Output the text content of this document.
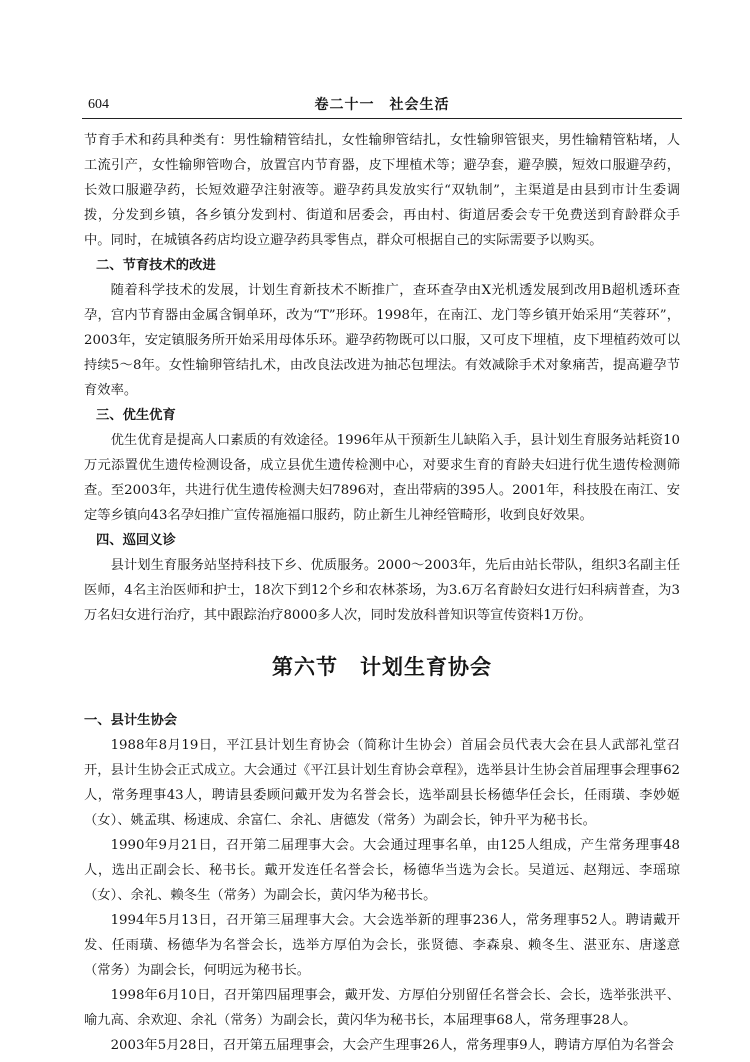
604	卷二十一　社会生活

节育手术和药具种类有：男性输精管结扎，女性输卵管结扎，女性输卵管银夹，男性输精管粘堵，人工流引产，女性输卵管吻合，放置宫内节育器，皮下埋植术等；避孕套，避孕膜，短效口服避孕药，长效口服避孕药，长短效避孕注射液等。避孕药具发放实行“双轨制”，主渠道是由县到市计生委调拨，分发到乡镇，各乡镇分发到村、街道和居委会，再由村、街道居委会专干免费送到育龄群众手中。同时，在城镇各药店均设立避孕药具零售点，群众可根据自己的实际需要予以购买。

二、节育技术的改进

随着科学技术的发展，计划生育新技术不断推广，查环查孕由X光机透发展到改用B超机透环查孕，宫内节育器由金属含铜单环，改为“T”形环。1998年，在南江、龙门等乡镇开始采用“芙蓉环”，2003年，安定镇服务所开始采用母体乐环。避孕药物既可以口服，又可皮下埋植，皮下埋植药效可以持续5～8年。女性输卵管结扎术，由改良法改进为抽芯包埋法。有效减除手术对象痛苦，提高避孕节育效率。

三、优生优育

优生优育是提高人口素质的有效途径。1996年从干预新生儿缺陷入手，县计划生育服务站耗资10万元添置优生遗传检测设备，成立县优生遗传检测中心，对要求生育的育龄夫妇进行优生遗传检测筛查。至2003年，共进行优生遗传检测夫妇7896对，查出带病的395人。2001年，科技股在南江、安定等乡镇向43名孕妇推广宣传福施福口服药，防止新生儿神经管畸形，收到良好效果。

四、巡回义诊

县计划生育服务站坚持科技下乡、优质服务。2000～2003年，先后由站长带队，组织3名副主任医师，4名主治医师和护士，18次下到12个乡和农林茶场，为3.6万名育龄妇女进行妇科病普查，为3万名妇女进行治疗，其中跟踪治疗8000多人次，同时发放科普知识等宣传资料1万份。

第六节 计划生育协会
一、县计生协会

1988年8月19日，平江县计划生育协会（简称计生协会）首届会员代表大会在县人武部礼堂召开，县计生协会正式成立。大会通过《平江县计划生育协会章程》，选举县计生协会首届理事会理事62人，常务理事43人，聘请县委顾问戴开发为名誉会长，选举副县长杨德华任会长，任雨璜、李妙姬（女）、姚孟琪、杨速成、余富仁、余礼、唐德发（常务）为副会长，钟升平为秘书长。

1990年9月21日，召开第二届理事大会。大会通过理事名单，由125人组成，产生常务理事48人，选出正副会长、秘书长。戴开发连任名誉会长，杨德华当选为会长。吴道远、赵翔远、李瑶琼（女）、余礼、赖冬生（常务）为副会长，黄闪华为秘书长。

1994年5月13日，召开第三届理事大会。大会选举新的理事236人，常务理事52人。聘请戴开发、任雨璜、杨德华为名誉会长，选举方厚伯为会长，张贤德、李森泉、赖冬生、湛亚东、唐遂意（常务）为副会长，何明远为秘书长。

1998年6月10日，召开第四届理事会，戴开发、方厚伯分别留任名誉会长、会长，选举张洪平、喻九高、余欢迎、余礼（常务）为副会长，黄闪华为秘书长，本届理事68人，常务理事28人。

2003年5月28日，召开第五届理事会，大会产生理事26人，常务理事9人，聘请方厚伯为名誉会
